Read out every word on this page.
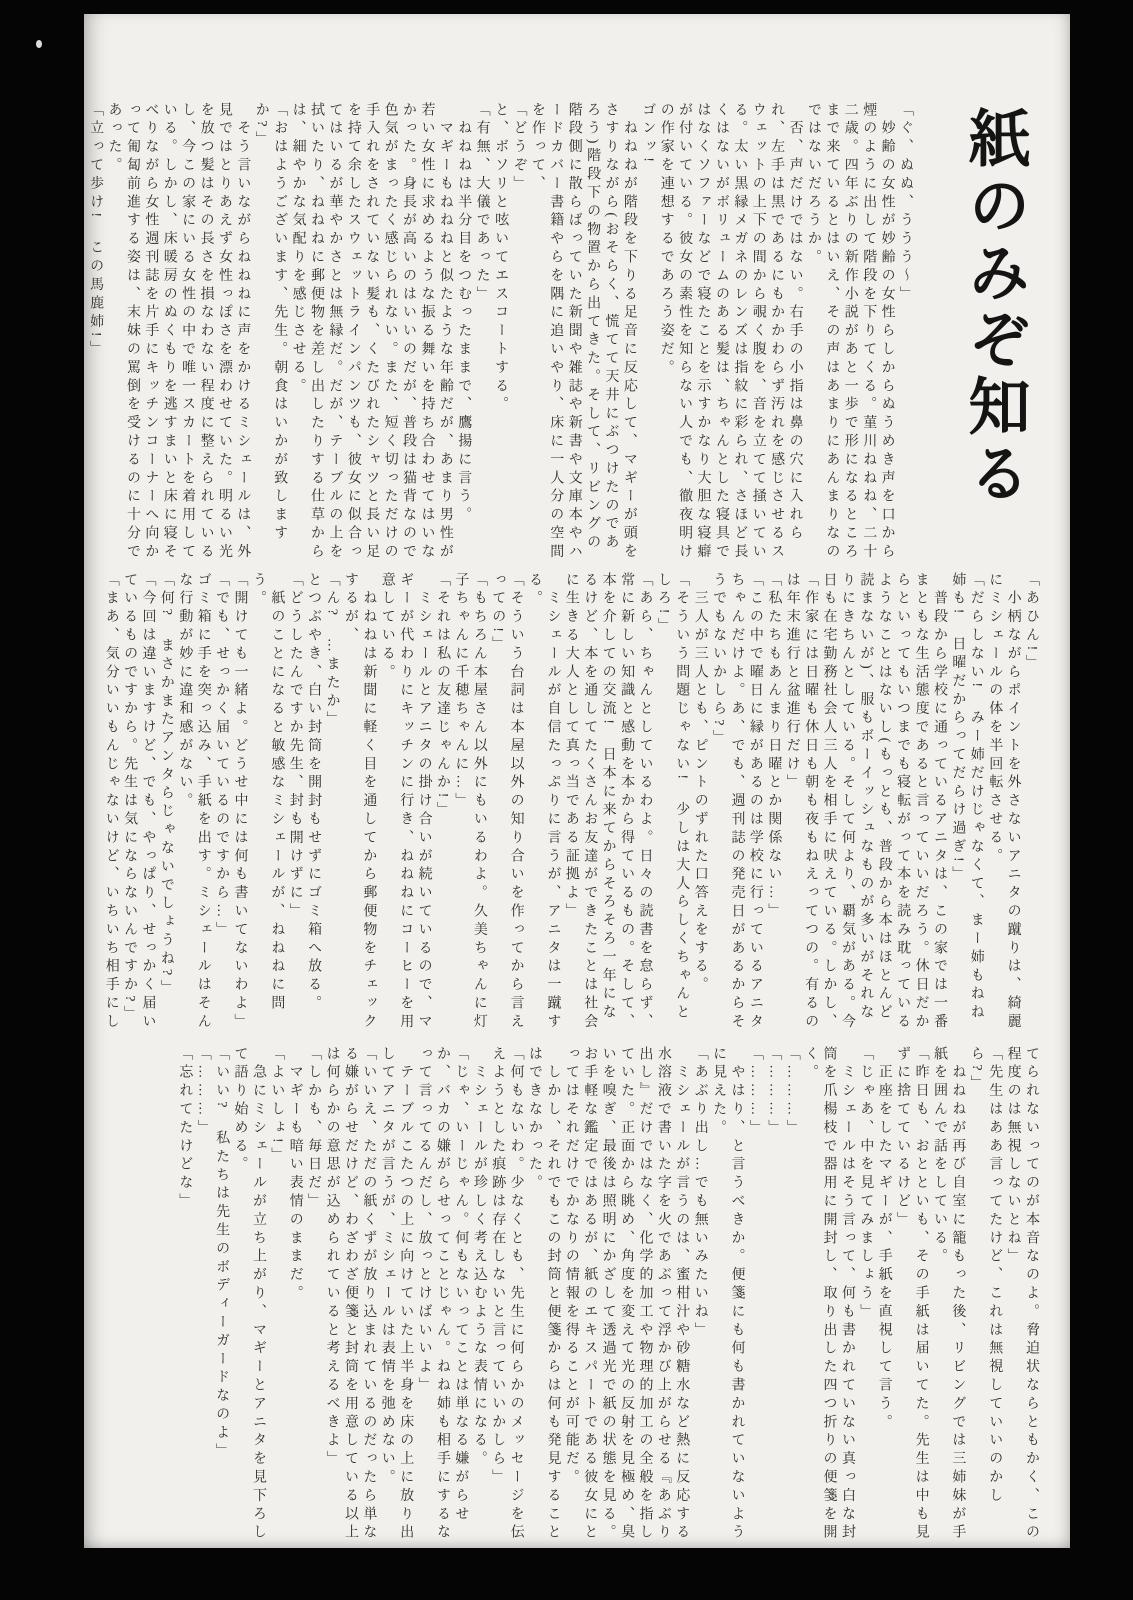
紙のみぞ知る

「ぐ、ぬぬ、ううう〜」

　妙齢の女性が妙齢の女性らしからぬうめき声を口から煙のように出して階段を下りてくる。菫川ねねね、二十二歳。四年ぶりの新作小説があと一歩で形になるところまで来ているとはいえ、その声はあまりにあんまりなのではないだろうか。

　否、声だけではない。右手の小指は鼻の穴に入れられ、左手は黒であるにもかかわらず汚れを感じさせるスウェットの上下の間から覗く腹を、音を立てて掻いている。太い黒縁メガネのレンズは指紋に彩られ、さほど長くはないがボリュームのある髪は、ちゃんとした寝具ではなくソファーなどで寝たことを示すかなり大胆な寝癖が付いている。彼女の素性を知らない人でも、徹夜明けの作家を連想するであろう姿だ。

ゴンッ!

　ねねねが階段を下りる足音に反応して、マギーが頭をさすりながら(おそらく、慌てて天井にぶつけたのであろう)階段下の物置から出てきた。そして、リビングの階段側に散らばっていた新聞や雑誌や新書や文庫本やハードカバー書籍やらを隅に追いやり、床に一人分の空間を作って、

「どうぞ」

と、ボソリと呟いてエスコートする。

「有無、大儀であった」

　ねねねは半分目をつむったままで、鷹揚に言う。

　マギーもねねねと似たような年齢だが、あまり男性が若い女性に求めるような振る舞いを持ち合わせてはいなかった。身長が高いのはいいのだが、普段は猫背なので色気がまったく感じられない。また、短く切っただけの手入れをされていない髪も、くたびれたシャツと長い足を持て余したスウェットラインパンツも、彼女に似合ってはいるが華やかさとは無縁だ。だが、テーブルの上を拭いたり、ねねねに郵便物を差し出したりする仕草からは、細やかな気配りを感じさせる。

「おはようございます、先生。朝食はいかが致しますか?」

　そう言いながらねねねに声をかけるミシェールは、外見ではとりあえず女性っぽさを漂わせていた。明るい光を放つ髪はその長さを損なわない程度に整えられているし、今この家にいる女性の中で唯一スカートを着用している。しかし、床暖房のぬくもりを逃すまいと床に寝そべりながら女性週刊誌を片手にキッチンコーナーへ向かって匍匐前進する姿は、末妹の罵倒を受けるのに十分であった。

「立って歩け!　この馬鹿姉!」

「あひん!」

　小柄ながらポイントを外さないアニタの蹴りは、綺麗にミシェールの体を半回転させる。

「だらしない!　みー姉だけじゃなくて、まー姉もねね姉も!　日曜だからってだらけ過ぎ!」

　普段から学校に通っているアニタは、この家では一番まともな生活態度であると言っていいだろう。休日だからといってもいつまでも寝転がって本を読み耽っているようなことはないし(もっとも、普段から本はほとんど読まないが)、服もボーイッシュなものが多いがそれなりにきちんとしている。そして何より、覇気がある。今日も在宅勤務社会人三人を相手に吠えている。しかし、

「作家には日曜も休日も朝も夜もねえってつの。有るのは年末進行と盆進行だけ」

「私たちもあんまり日曜とか関係ない…」

「この中で曜日に縁があるのは学校に行っているアニタちゃんだけよ。あ、でも、週刊誌の発売日があるからそうでもないかしら?」

　三人が三人とも、ピントのずれた口答えをする。

「そういう問題じゃない!　少しは大人らしくちゃんとしろ!」

「あら、ちゃんとしているわよ。日々の読書を怠らず、常に新しい知識と感動を本から得ているもの。そして、本を介しての交流!　日本に来てからそろそろ一年になるけど、本を通してたくさんお友達ができたことは社会に生きる大人として真っ当である証拠よ」

　ミシェールが自信たっぷりに言うが、アニタは一蹴する。

「そういう台詞は本屋以外の知り合いを作ってから言えっての!」

「もちろん本屋さん以外にもいるわよ。久美ちゃんに灯子ちゃんに千穂ちゃんに…」

「それは私の友達じゃんか!」

　ミシェールとアニタの掛け合いが続いているので、マギーが代わりにキッチンに行き、ねねねにコーヒーを用意している。

　ねねねは新聞に軽く目を通してから郵便物をチェックするが、

「ん?　…またか」

とつぶやき、白い封筒を開封もせずにゴミ箱へ放る。

「どうしたんですか先生、封も開けずに」

　紙のことになると敏感なミシェールが、ねねねに問う。

「開けても一緒よ。どうせ中には何も書いてないわよ」

「でも、せっかく届いているのですから…」

ゴミ箱に手を突っ込み、手紙を出す。ミシェールはそんな行動が妙に違和感がない。

「何?　まさかまたアンタらじゃないでしょうね?」

「今回は違いますけど、でも、やっぱり、せっかく届いているものですから。先生は気にならないんですか?」

「まあ、気分いいもんじゃないけど、いちいち相手にし

てられないってのが本音なのよ。脅迫状ならともかく、この程度のは無視しないとね」

「先生はああ言ってたけど、これは無視していいのかしら?」

　ねねねが再び自室に籠もった後、リビングでは三姉妹が手紙を囲んで話をしている。

「昨日も、おとといも、その手紙は届いてた。先生は中も見ずに捨てているけど」

　正座をしたマギーが、手紙を直視して言う。

「じゃあ、中を見てみましょう」

　ミシェールはそう言って、何も書かれていない真っ白な封筒を爪楊枝で器用に開封し、取り出した四つ折りの便箋を開く。

「………」

「………」

「………」

　やはり、と言うべきか。便箋にも何も書かれていないように見えた。

「あぶり出し…でも無いみたいね」

　ミシェールが言うのは、蜜柑汁や砂糖水など熱に反応する水溶液で書いた字を火であぶって浮かび上がらせる『あぶり出し』だけではなく、化学的加工や物理的加工の全般を指していた。正面から眺め、角度を変えて光の反射を見極め、臭いを嗅ぎ、最後は照明にかざして透過光で紙の状態を見る。お手軽な鑑定ではあるが、紙のエキスパートである彼女にとってはそれだけでかなりの情報を得ることが可能だ。

　しかし、それでもこの封筒と便箋からは何も発見することはできなかった。

「何もないわ。少なくとも、先生に何らかのメッセージを伝えようとした痕跡は存在しないと言っていいかしら」

　ミシェールが珍しく考え込むような表情になる。

「じゃ、いーじゃん。何もないってことは単なる嫌がらせか、バカの嫌がらせってことじゃん。ねね姉も相手にするなって言ってるんだし、放っとけばいいよ」

　テーブルこたつの上に向けていた上半身を床の上に放り出してアニタが言うが、ミシェールは表情を弛めない。

「いいえ、ただの紙くずが放り込まれているのだったら単なる嫌がらせだけど、わざわざ便箋と封筒を用意している以上は何らかの意思が込められていると考えるべきよ」

「しかも、毎日だ」

　マギーも暗い表情のままだ。

「よいしょ!」

　急にミシェールが立ち上がり、マギーとアニタを見下ろして語り始める。

「いい?　私たちは先生のボディーガードなのよ」

「………」

「忘れてたけどな」
